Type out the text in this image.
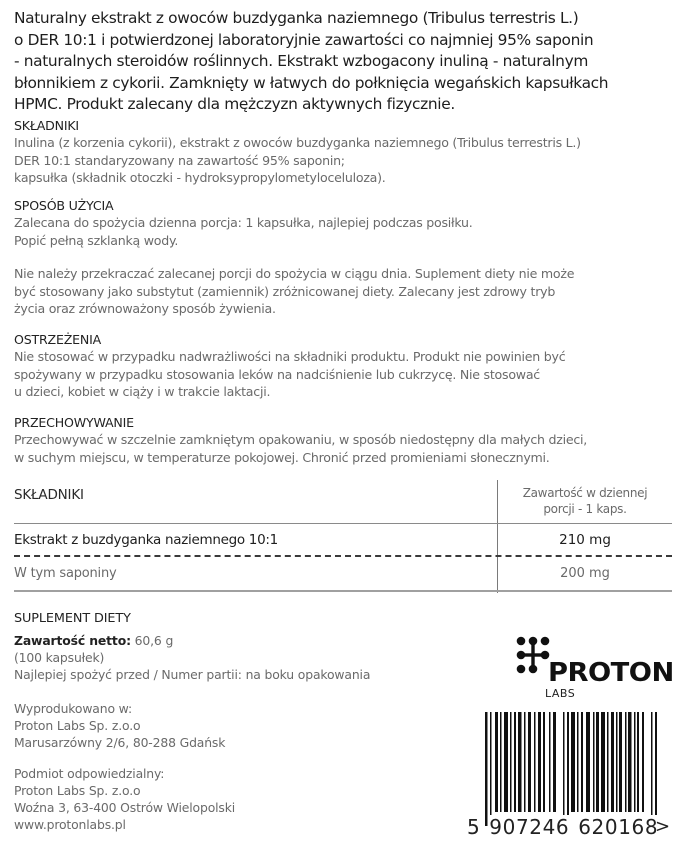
Naturalny ekstrakt z owoców buzdyganka naziemnego (Tribulus terrestris L.)

o DER 10:1 i potwierdzonej laboratoryjnie zawartości co najmniej 95% saponin

- naturalnych steroidów roślinnych. Ekstrakt wzbogacony inuliną - naturalnym

błonnikiem z cykorii. Zamknięty w łatwych do połknięcia wegańskich kapsułkach

HPMC. Produkt zalecany dla mężczyzn aktywnych fizycznie.

SKŁADNIKI

Inulina (z korzenia cykorii), ekstrakt z owoców buzdyganka naziemnego (Tribulus terrestris L.)

DER 10:1 standaryzowany na zawartość 95% saponin;

kapsułka (składnik otoczki - hydroksypropylometyloceluloza).

SPOSÓB UŻYCIA

Zalecana do spożycia dzienna porcja: 1 kapsułka, najlepiej podczas posiłku.

Popić pełną szklanką wody.

Nie należy przekraczać zalecanej porcji do spożycia w ciągu dnia. Suplement diety nie może

być stosowany jako substytut (zamiennik) zróżnicowanej diety. Zalecany jest zdrowy tryb

życia oraz zrównoważony sposób żywienia.

OSTRZEŻENIA

Nie stosować w przypadku nadwrażliwości na składniki produktu. Produkt nie powinien być

spożywany w przypadku stosowania leków na nadciśnienie lub cukrzycę. Nie stosować

u dzieci, kobiet w ciąży i w trakcie laktacji.

PRZECHOWYWANIE

Przechowywać w szczelnie zamkniętym opakowaniu, w sposób niedostępny dla małych dzieci,

w suchym miejscu, w temperaturze pokojowej. Chronić przed promieniami słonecznymi.

SKŁADNIKI	Zawartość w dziennej
porcji - 1 kaps.
Ekstrakt z buzdyganka naziemnego 10:1	210 mg
W tym saponiny	200 mg
SUPLEMENT DIETY

Zawartość netto: 60,6 g

(100 kapsułek)

Najlepiej spożyć przed / Numer partii: na boku opakowania

Wyprodukowano w:

Proton Labs Sp. z.o.o

Marusarzówny 2/6, 80-288 Gdańsk

Podmiot odpowiedzialny:

Proton Labs Sp. z.o.o

Woźna 3, 63-400 Ostrów Wielopolski

www.protonlabs.pl

PROTON
LABS
5 907246 620168
>
